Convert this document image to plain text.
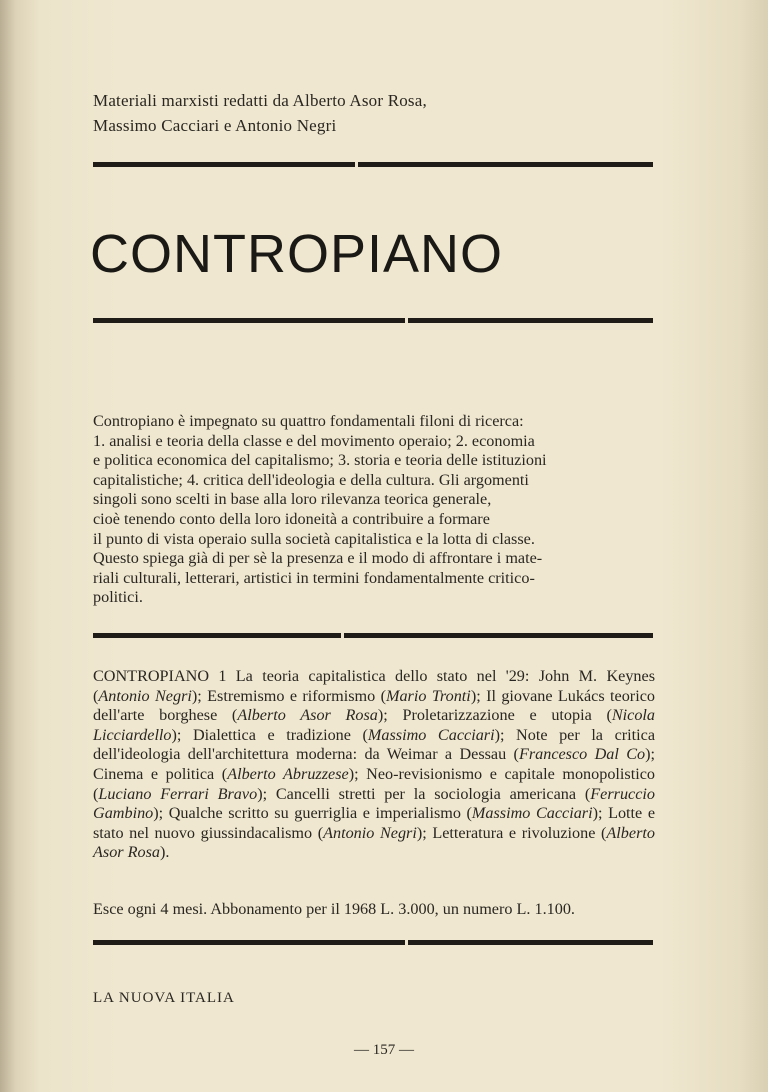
Materiali marxisti redatti da Alberto Asor Rosa,
Massimo Cacciari e Antonio Negri
CONTROPIANO
Contropiano è impegnato su quattro fondamentali filoni di ricerca:
1. analisi e teoria della classe e del movimento operaio; 2. economia
e politica economica del capitalismo; 3. storia e teoria delle istituzioni
capitalistiche; 4. critica dell'ideologia e della cultura. Gli argomenti
singoli sono scelti in base alla loro rilevanza teorica generale,
cioè tenendo conto della loro idoneità a contribuire a formare
il punto di vista operaio sulla società capitalistica e la lotta di classe.
Questo spiega già di per sè la presenza e il modo di affrontare i mate-
riali culturali, letterari, artistici in termini fondamentalmente critico-
politici.
CONTROPIANO 1 La teoria capitalistica dello stato nel '29: John M. Keynes (Antonio Negri); Estremismo e riformismo (Mario Tronti); Il giovane Lukács teorico dell'arte borghese (Alberto Asor Rosa); Proletarizzazione e utopia (Nicola Licciardello); Dialettica e tradizione (Massimo Cacciari); Note per la critica dell'ideologia dell'architettura moderna: da Weimar a Dessau (Francesco Dal Co); Cinema e politica (Alberto Abruzzese); Neo-revisionismo e capitale monopolistico (Luciano Ferrari Bravo); Cancelli stretti per la sociologia americana (Ferruccio Gambino); Qualche scritto su guerriglia e imperialismo (Massimo Cacciari); Lotte e stato nel nuovo giussindacalismo (Antonio Negri); Letteratura e rivoluzione (Alberto Asor Rosa).
Esce ogni 4 mesi. Abbonamento per il 1968 L. 3.000, un numero L. 1.100.
LA NUOVA ITALIA
— 157 —
